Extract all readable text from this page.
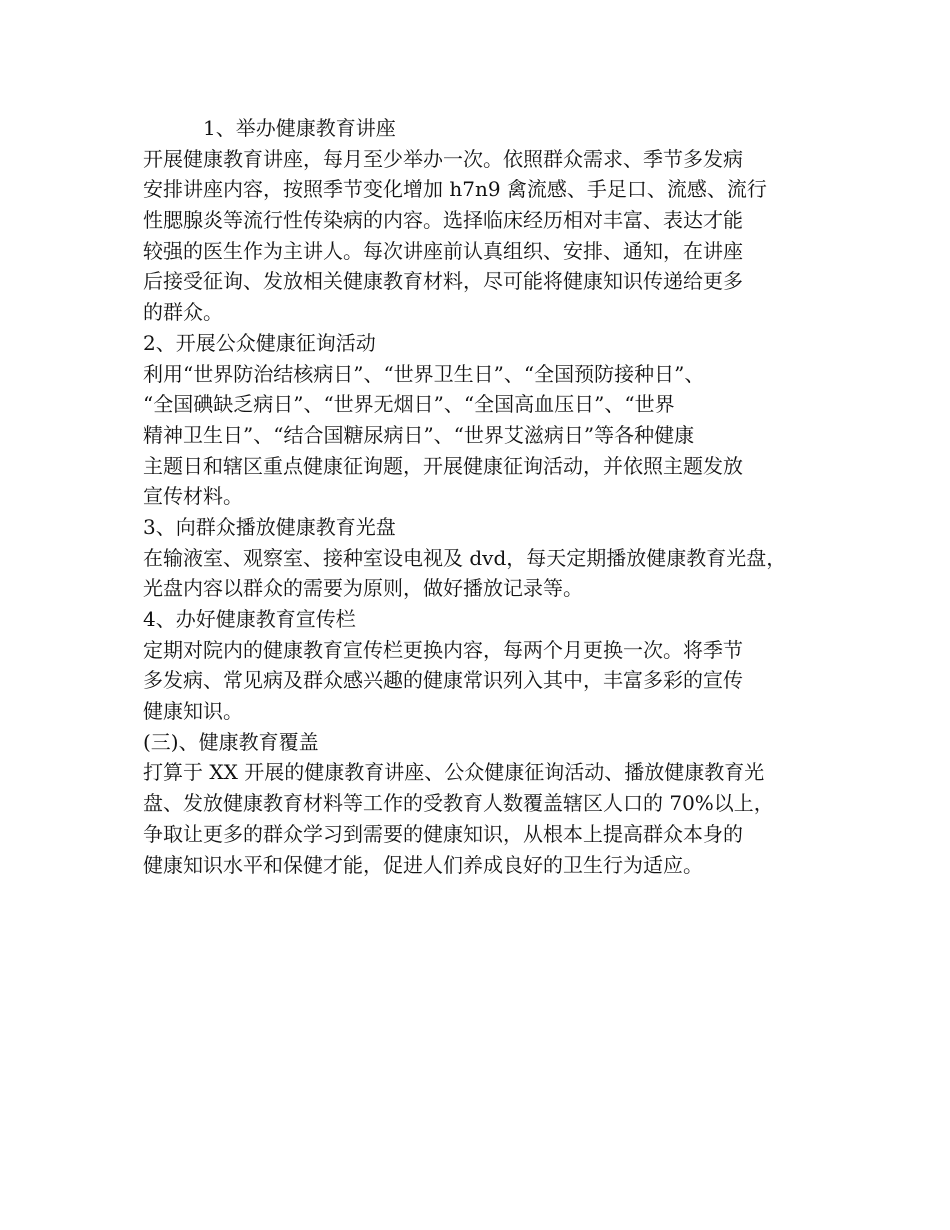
1、举办健康教育讲座
开展健康教育讲座，每月至少举办一次。依照群众需求、季节多发病
安排讲座内容，按照季节变化增加 h7n9 禽流感、手足口、流感、流行
性腮腺炎等流行性传染病的内容。选择临床经历相对丰富、表达才能
较强的医生作为主讲人。每次讲座前认真组织、安排、通知，在讲座
后接受征询、发放相关健康教育材料，尽可能将健康知识传递给更多
的群众。
2、开展公众健康征询活动
利用“世界防治结核病日”、“世界卫生日”、“全国预防接种日”、
“全国碘缺乏病日”、“世界无烟日”、“全国高血压日”、“世界
精神卫生日”、“结合国糖尿病日”、“世界艾滋病日”等各种健康
主题日和辖区重点健康征询题，开展健康征询活动，并依照主题发放
宣传材料。
3、向群众播放健康教育光盘
在输液室、观察室、接种室设电视及 dvd，每天定期播放健康教育光盘，
光盘内容以群众的需要为原则，做好播放记录等。
4、办好健康教育宣传栏
定期对院内的健康教育宣传栏更换内容，每两个月更换一次。将季节
多发病、常见病及群众感兴趣的健康常识列入其中，丰富多彩的宣传
健康知识。
(三)、健康教育覆盖
打算于 XX 开展的健康教育讲座、公众健康征询活动、播放健康教育光
盘、发放健康教育材料等工作的受教育人数覆盖辖区人口的 70%以上，
争取让更多的群众学习到需要的健康知识，从根本上提高群众本身的
健康知识水平和保健才能，促进人们养成良好的卫生行为适应。
